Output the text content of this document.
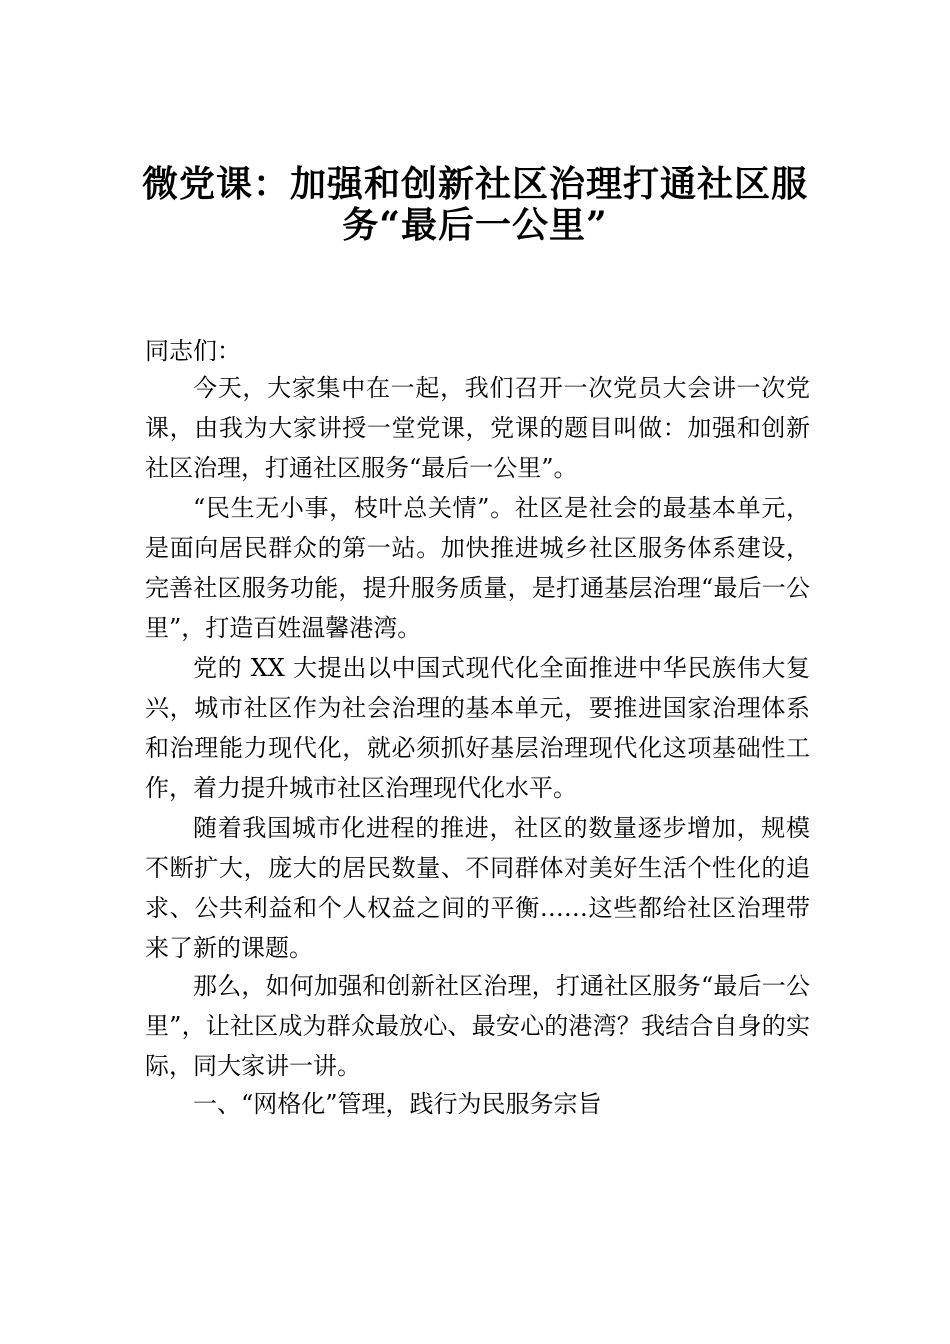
微党课：加强和创新社区治理打通社区服
务“最后一公里”
同志们：
今天，大家集中在一起，我们召开一次党员大会讲一次党课，由我为大家讲授一堂党课，党课的题目叫做：加强和创新社区治理，打通社区服务“最后一公里”。
“民生无小事，枝叶总关情”。社区是社会的最基本单元，是面向居民群众的第一站。加快推进城乡社区服务体系建设，完善社区服务功能，提升服务质量，是打通基层治理“最后一公里”，打造百姓温馨港湾。
党的 XX 大提出以中国式现代化全面推进中华民族伟大复兴，城市社区作为社会治理的基本单元，要推进国家治理体系和治理能力现代化，就必须抓好基层治理现代化这项基础性工作，着力提升城市社区治理现代化水平。
随着我国城市化进程的推进，社区的数量逐步增加，规模不断扩大，庞大的居民数量、不同群体对美好生活个性化的追求、公共利益和个人权益之间的平衡……这些都给社区治理带来了新的课题。
那么，如何加强和创新社区治理，打通社区服务“最后一公里”，让社区成为群众最放心、最安心的港湾？我结合自身的实际，同大家讲一讲。
一、“网格化”管理，践行为民服务宗旨
